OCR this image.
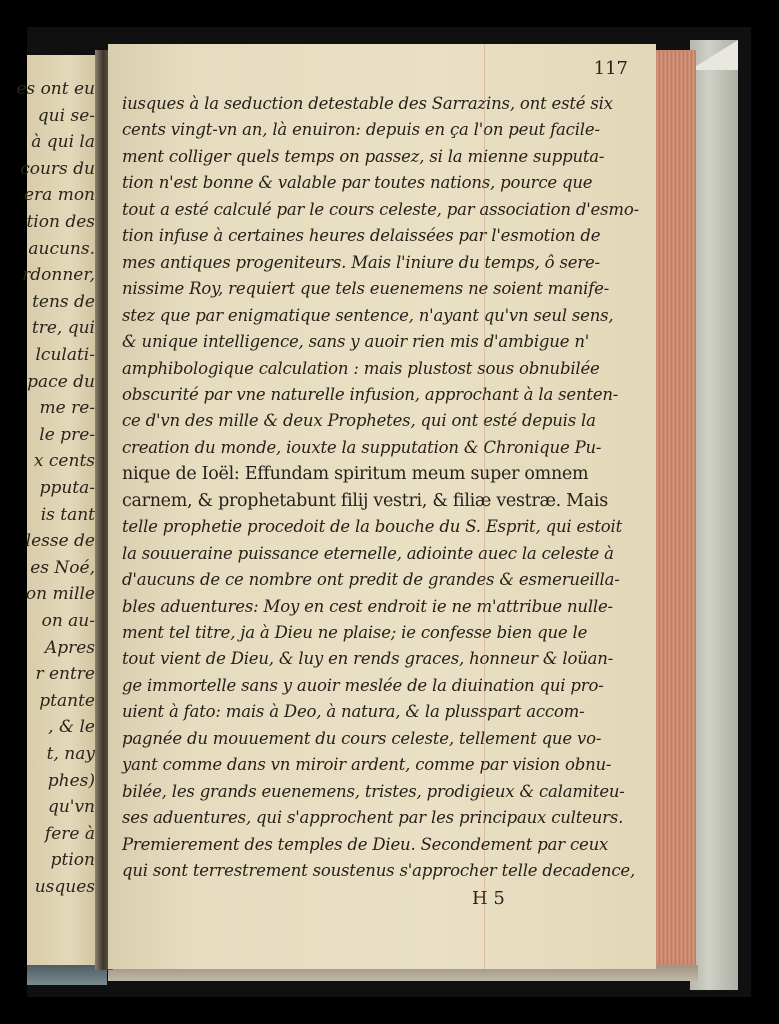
es ont eu
qui se-
à qui la
cours du
era mon
tion des
aucuns.
rdonner,
tens de
tre, qui
lculati-
pace du
me re-
le pre-
x cents
pputa-
is tant
lesse de
es Noé,
on mille
on au-
Apres
r entre
ptante
, & le
t, nay
phes)
qu'vn
fere à
ption
usques
117
H 5
iusques à la seduction detestable des Sarrazins, ont esté six
cents vingt-vn an, là enuiron: depuis en ça l'on peut facile-
ment colliger quels temps on passez, si la mienne supputa-
tion n'est bonne & valable par toutes nations, pource que
tout a esté calculé par le cours celeste, par association d'esmo-
tion infuse à certaines heures delaissées par l'esmotion de
mes antiques progeniteurs. Mais l'iniure du temps, ô sere-
nissime Roy, requiert que tels euenemens ne soient manife-
stez que par enigmatique sentence, n'ayant qu'vn seul sens,
& unique intelligence, sans y auoir rien mis d'ambigue n'
amphibologique calculation : mais plustost sous obnubilée
obscurité par vne naturelle infusion, approchant à la senten-
ce d'vn des mille & deux Prophetes, qui ont esté depuis la
creation du monde, iouxte la supputation & Chronique Pu-
nique de Ioël: Effundam spiritum meum super omnem
carnem, & prophetabunt filij vestri, & filiæ vestræ. Mais
telle prophetie procedoit de la bouche du S. Esprit, qui estoit
la souueraine puissance eternelle, adiointe auec la celeste à
d'aucuns de ce nombre ont predit de grandes & esmerueilla-
bles aduentures: Moy en cest endroit ie ne m'attribue nulle-
ment tel titre, ja à Dieu ne plaise; ie confesse bien que le
tout vient de Dieu, & luy en rends graces, honneur & loüan-
ge immortelle sans y auoir meslée de la diuination qui pro-
uient à fato: mais à Deo, à natura, & la plusspart accom-
pagnée du mouuement du cours celeste, tellement que vo-
yant comme dans vn miroir ardent, comme par vision obnu-
bilée, les grands euenemens, tristes, prodigieux & calamiteu-
ses aduentures, qui s'approchent par les principaux culteurs.
Premierement des temples de Dieu. Secondement par ceux
qui sont terrestrement soustenus s'approcher telle decadence,
